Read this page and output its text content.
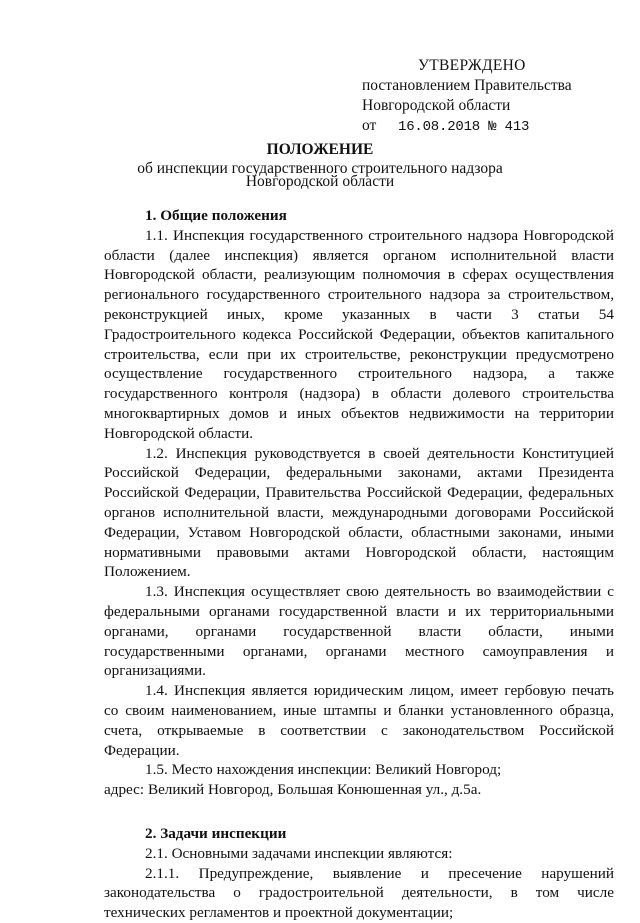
УТВЕРЖДЕНО
постановлением Правительства
Новгородской области
от	16.08.2018 № 413
ПОЛОЖЕНИЕ
об инспекции государственного строительного надзора
Новгородской области
1. Общие положения

1.1. Инспекция государственного строительного надзора Новгородской области (далее инспекция) является органом исполнительной власти Новгородской области, реализующим полномочия в сферах осуществления регионального государственного строительного надзора за строительством, реконструкцией иных, кроме указанных в части 3 статьи 54 Градостроительного кодекса Российской Федерации, объектов капитального строительства, если при их строительстве, реконструкции предусмотрено осуществление государственного строительного надзора, а также государственного контроля (надзора) в области долевого строительства многоквартирных домов и иных объектов недвижимости на территории Новгородской области.

1.2. Инспекция руководствуется в своей деятельности Конституцией Российской Федерации, федеральными законами, актами Президента Российской Федерации, Правительства Российской Федерации, федеральных органов исполнительной власти, международными договорами Российской Федерации, Уставом Новгородской области, областными законами, иными нормативными правовыми актами Новгородской области, настоящим Положением.

1.3. Инспекция осуществляет свою деятельность во взаимодействии с федеральными органами государственной власти и их территориальными органами, органами государственной власти области, иными государственными органами, органами местного самоуправления и организациями.

1.4. Инспекция является юридическим лицом, имеет гербовую печать со своим наименованием, иные штампы и бланки установленного образца, счета, открываемые в соответствии с законодательством Российской Федерации.

1.5. Место нахождения инспекции: Великий Новгород;

адрес: Великий Новгород, Большая Конюшенная ул., д.5а.

2. Задачи инспекции

2.1. Основными задачами инспекции являются:

2.1.1. Предупреждение, выявление и пресечение нарушений законодательства о градостроительной деятельности, в том числе технических регламентов и проектной документации;
